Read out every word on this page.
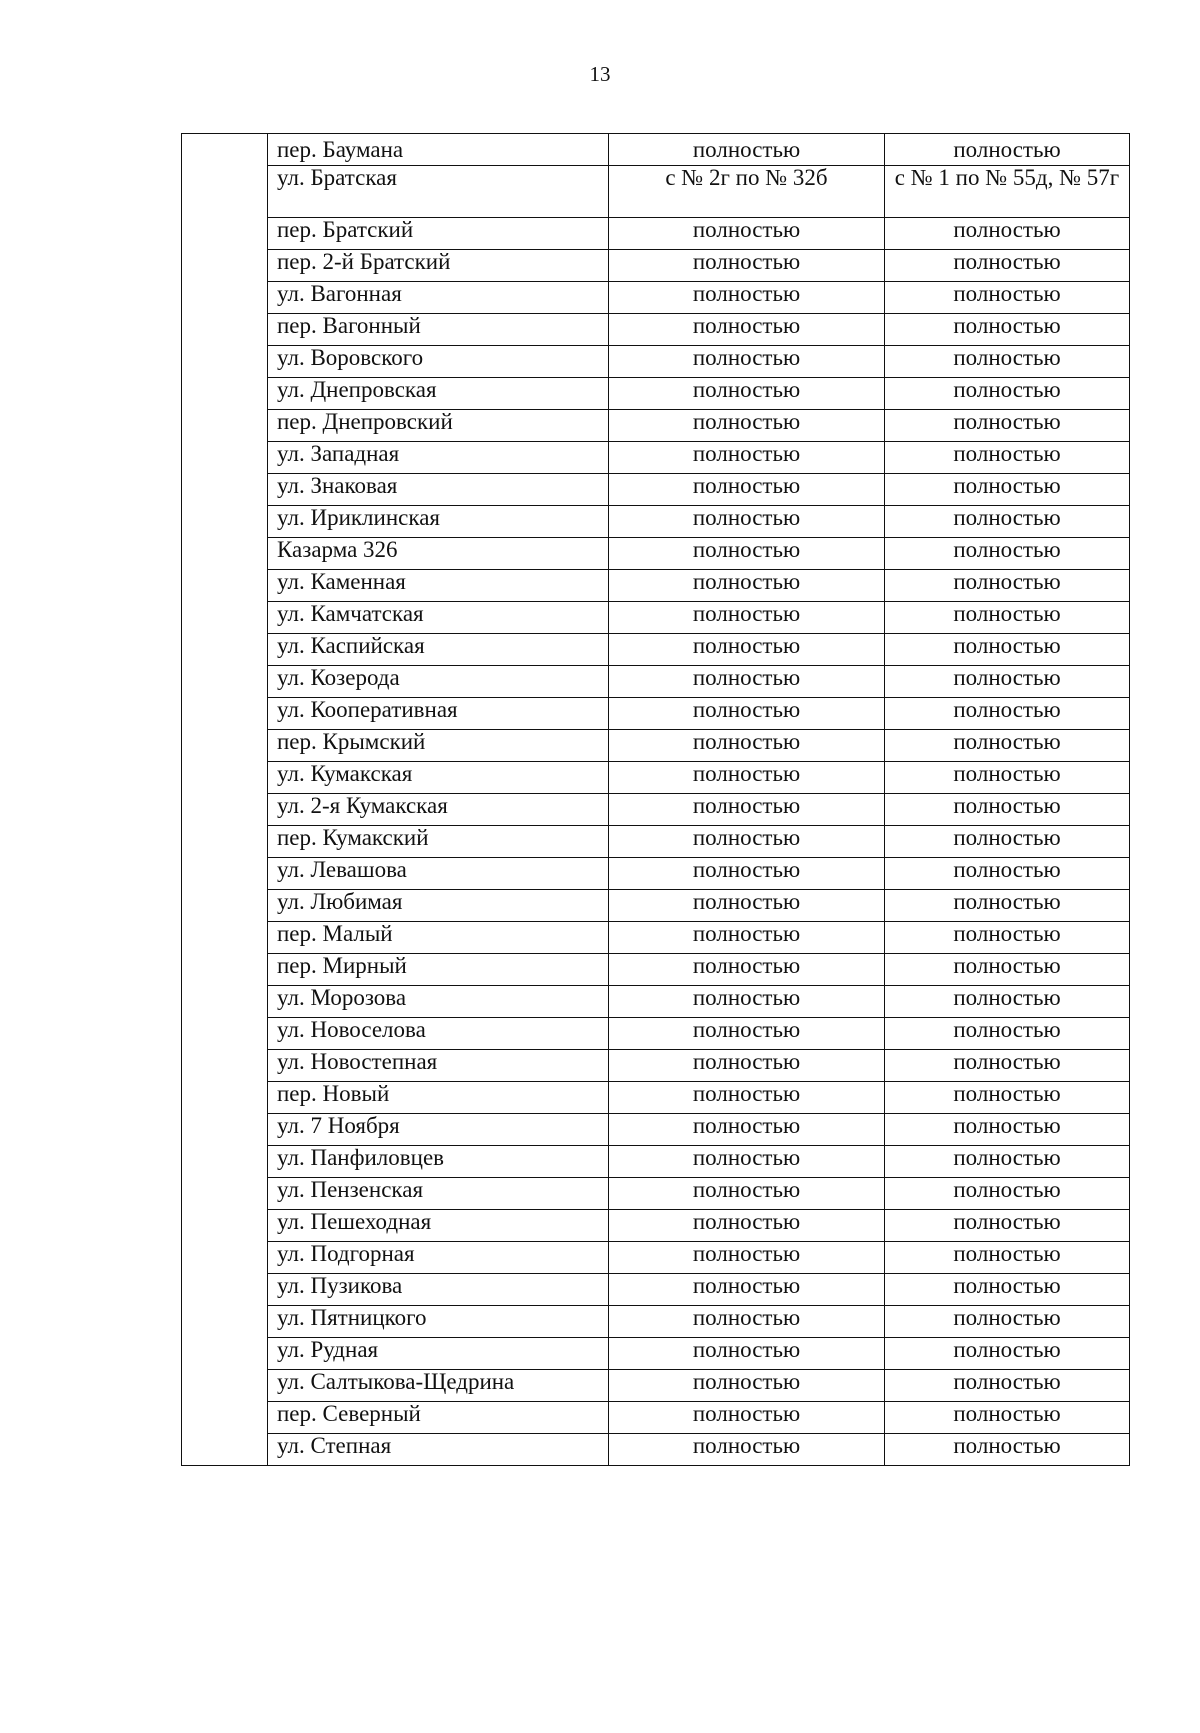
13
	пер. Баумана	полностью	полностью
	ул. Братская	с № 2г по № 32б	с № 1 по № 55д, № 57г
	пер. Братский	полностью	полностью
	пер. 2-й Братский	полностью	полностью
	ул. Вагонная	полностью	полностью
	пер. Вагонный	полностью	полностью
	ул. Воровского	полностью	полностью
	ул. Днепровская	полностью	полностью
	пер. Днепровский	полностью	полностью
	ул. Западная	полностью	полностью
	ул. Знаковая	полностью	полностью
	ул. Ириклинская	полностью	полностью
	Казарма 326	полностью	полностью
	ул. Каменная	полностью	полностью
	ул. Камчатская	полностью	полностью
	ул. Каспийская	полностью	полностью
	ул. Козерода	полностью	полностью
	ул. Кооперативная	полностью	полностью
	пер. Крымский	полностью	полностью
	ул. Кумакская	полностью	полностью
	ул. 2-я Кумакская	полностью	полностью
	пер. Кумакский	полностью	полностью
	ул. Левашова	полностью	полностью
	ул. Любимая	полностью	полностью
	пер. Малый	полностью	полностью
	пер. Мирный	полностью	полностью
	ул. Морозова	полностью	полностью
	ул. Новоселова	полностью	полностью
	ул. Новостепная	полностью	полностью
	пер. Новый	полностью	полностью
	ул. 7 Ноября	полностью	полностью
	ул. Панфиловцев	полностью	полностью
	ул. Пензенская	полностью	полностью
	ул. Пешеходная	полностью	полностью
	ул. Подгорная	полностью	полностью
	ул. Пузикова	полностью	полностью
	ул. Пятницкого	полностью	полностью
	ул. Рудная	полностью	полностью
	ул. Салтыкова-Щедрина	полностью	полностью
	пер. Северный	полностью	полностью
	ул. Степная	полностью	полностью
